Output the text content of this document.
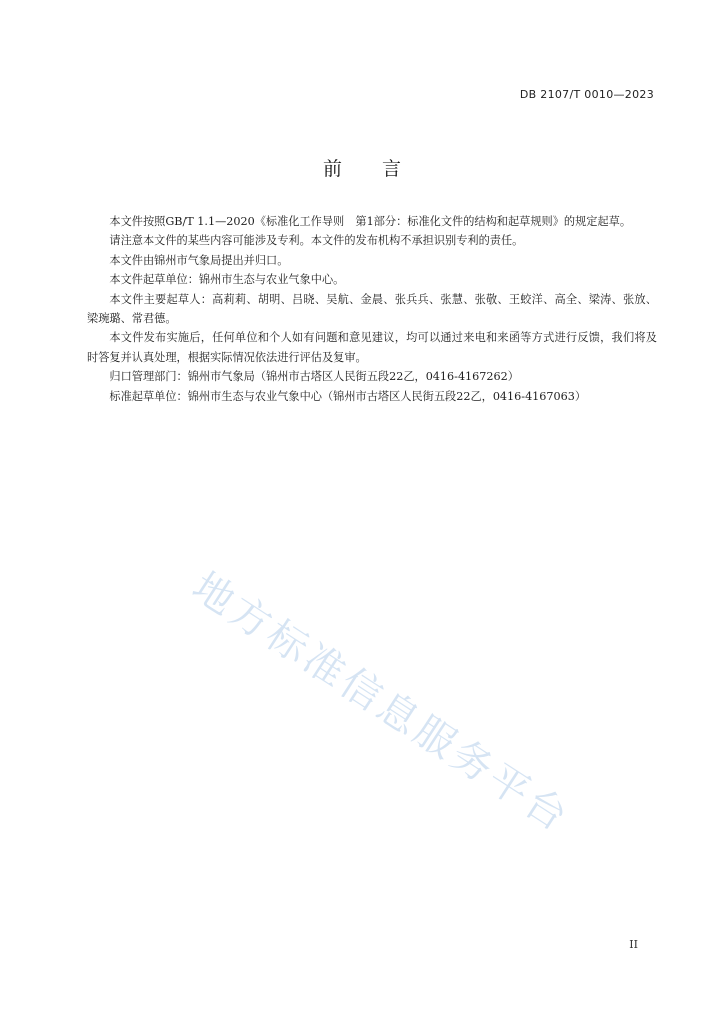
DB 2107/T 0010—2023
前言

本文件按照GB/T 1.1—2020《标准化工作导则　第1部分：标准化文件的结构和起草规则》的规定起草。

请注意本文件的某些内容可能涉及专利。本文件的发布机构不承担识别专利的责任。

本文件由锦州市气象局提出并归口。

本文件起草单位：锦州市生态与农业气象中心。

本文件主要起草人：高莉莉、胡明、吕晓、吴航、金晨、张兵兵、张慧、张敬、王蛟洋、高全、梁涛、张放、梁琬璐、常君德。

本文件发布实施后，任何单位和个人如有问题和意见建议，均可以通过来电和来函等方式进行反馈，我们将及时答复并认真处理，根据实际情况依法进行评估及复审。

归口管理部门：锦州市气象局（锦州市古塔区人民街五段22乙，0416-4167262）

标准起草单位：锦州市生态与农业气象中心（锦州市古塔区人民街五段22乙，0416-4167063）

地方标准信息服务平台
II
